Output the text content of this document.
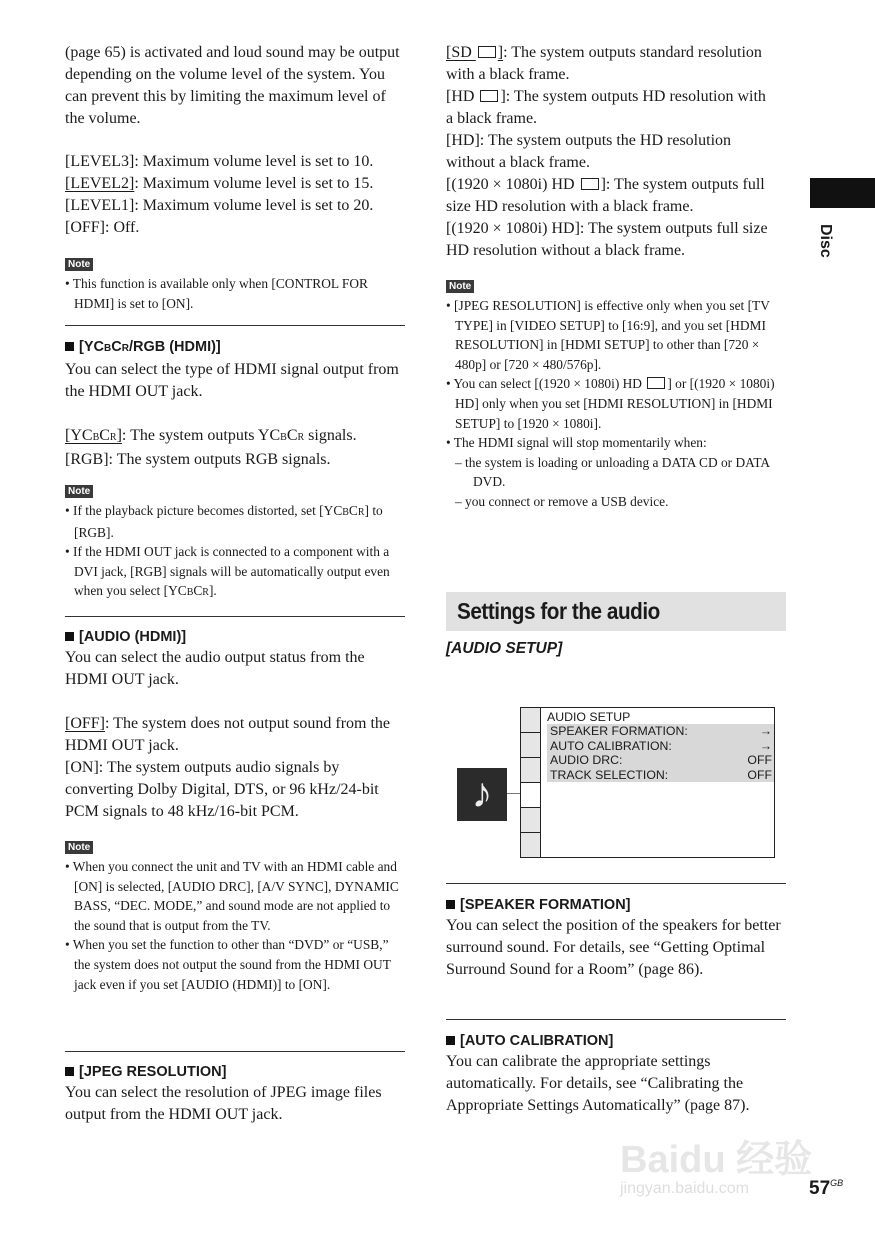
(page 65) is activated and loud sound may be output depending on the volume level of the system. You can prevent this by limiting the maximum level of the volume.

[LEVEL3]: Maximum volume level is set to 10.

[LEVEL2]: Maximum volume level is set to 15.

[LEVEL1]: Maximum volume level is set to 20.

[OFF]: Off.

Note

• This function is available only when [CONTROL FOR HDMI] is set to [ON].

[YCBCR/RGB (HDMI)]

You can select the type of HDMI signal output from the HDMI OUT jack.

[YCBCR]: The system outputs YCBCR signals.

[RGB]: The system outputs RGB signals.

Note

• If the playback picture becomes distorted, set [YCBCR] to [RGB].

• If the HDMI OUT jack is connected to a component with a DVI jack, [RGB] signals will be automatically output even when you select [YCBCR].

[AUDIO (HDMI)]

You can select the audio output status from the HDMI OUT jack.

[OFF]: The system does not output sound from the HDMI OUT jack.

[ON]: The system outputs audio signals by converting Dolby Digital, DTS, or 96 kHz/24-bit PCM signals to 48 kHz/16-bit PCM.

Note

• When you connect the unit and TV with an HDMI cable and [ON] is selected, [AUDIO DRC], [A/V SYNC], DYNAMIC BASS, “DEC. MODE,” and sound mode are not applied to the sound that is output from the TV.

• When you set the function to other than “DVD” or “USB,” the system does not output the sound from the HDMI OUT jack even if you set [AUDIO (HDMI)] to [ON].

[JPEG RESOLUTION]

You can select the resolution of JPEG image files output from the HDMI OUT jack.

[SD ]: The system outputs standard resolution with a black frame.

[HD ]: The system outputs HD resolution with a black frame.

[HD]: The system outputs the HD resolution without a black frame.

[(1920 × 1080i) HD ]: The system outputs full size HD resolution with a black frame.

[(1920 × 1080i) HD]: The system outputs full size HD resolution without a black frame.

Note

• [JPEG RESOLUTION] is effective only when you set [TV TYPE] in [VIDEO SETUP] to [16:9], and you set [HDMI RESOLUTION] in [HDMI SETUP] to other than [720 × 480p] or [720 × 480/576p].

• You can select [(1920 × 1080i) HD ] or [(1920 × 1080i) HD] only when you set [HDMI RESOLUTION] in [HDMI SETUP] to [1920 × 1080i].

• The HDMI signal will stop momentarily when:

– the system is loading or unloading a DATA CD or DATA DVD.

– you connect or remove a USB device.

Settings for the audio
[AUDIO SETUP]
♪
AUDIO SETUP
SPEAKER FORMATION:	→
AUTO CALIBRATION:	→
AUDIO DRC:	OFF
TRACK SELECTION:	OFF

[SPEAKER FORMATION]

You can select the position of the speakers for better surround sound. For details, see “Getting Optimal Surround Sound for a Room” (page 86).

[AUTO CALIBRATION]

You can calibrate the appropriate settings automatically. For details, see “Calibrating the Appropriate Settings Automatically” (page 87).

Disc
Baidu 经验
jingyan.baidu.com	$57^{GB}$
